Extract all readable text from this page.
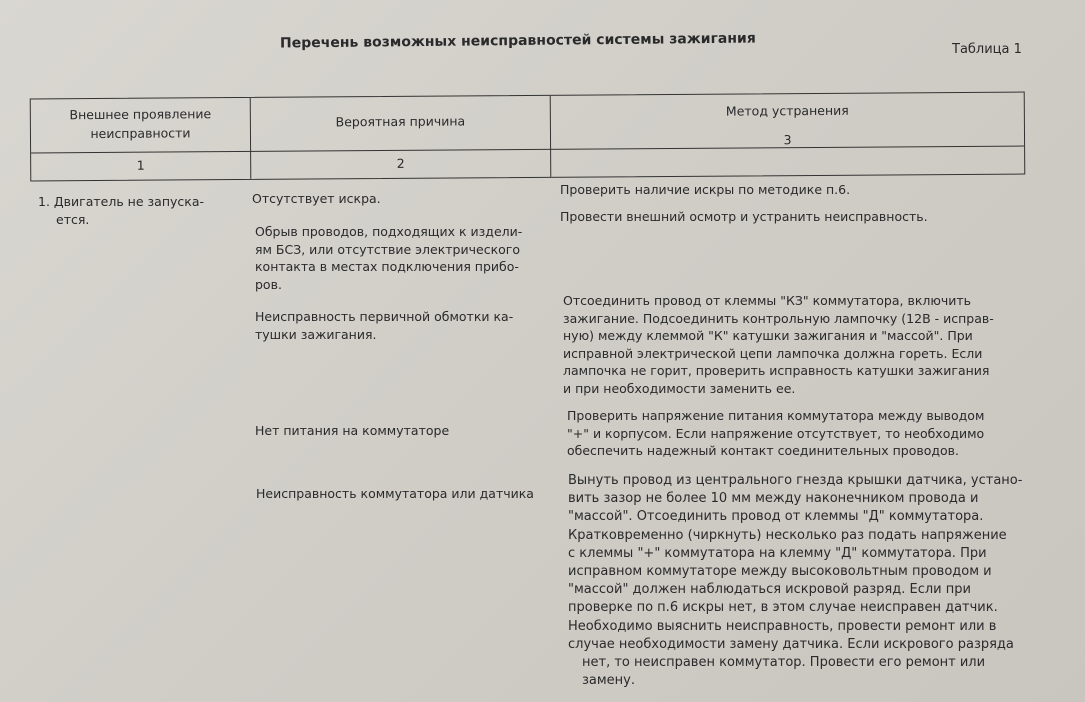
Перечень возможных неисправностей системы зажигания	Таблица 1
Внешнее проявление
неисправности
1
Вероятная причина
2
Метод устранения
3
1. Двигатель не запуска-
ется.
Отсутствует искра.
Проверить наличие искры по методике п.6.
Обрыв проводов, подходящих к издели-
ям БСЗ, или отсутствие электрического
контакта в местах подключения прибо-
ров.
Провести внешний осмотр и устранить неисправность.
Неисправность первичной обмотки ка-
тушки зажигания.
Отсоединить провод от клеммы "КЗ" коммутатора, включить
зажигание. Подсоединить контрольную лампочку (12В - исправ-
ную) между клеммой "К" катушки зажигания и "массой". При
исправной электрической цепи лампочка должна гореть. Если
лампочка не горит, проверить исправность катушки зажигания
и при необходимости заменить ее.
Нет питания на коммутаторе
Проверить напряжение питания коммутатора между выводом
"+" и корпусом. Если напряжение отсутствует, то необходимо
обеспечить надежный контакт соединительных проводов.
Неисправность коммутатора или датчика
Вынуть провод из центрального гнезда крышки датчика, устано-
вить зазор не более 10 мм между наконечником провода и
"массой". Отсоединить провод от клеммы "Д" коммутатора.
Кратковременно (чиркнуть) несколько раз подать напряжение
с клеммы "+" коммутатора на клемму "Д" коммутатора. При
исправном коммутаторе между высоковольтным проводом и
"массой" должен наблюдаться искровой разряд. Если при
проверке по п.6 искры нет, в этом случае неисправен датчик.
Необходимо выяснить неисправность, провести ремонт или в
случае необходимости замену датчика. Если искрового разряда
нет, то неисправен коммутатор. Провести его ремонт или
замену.
